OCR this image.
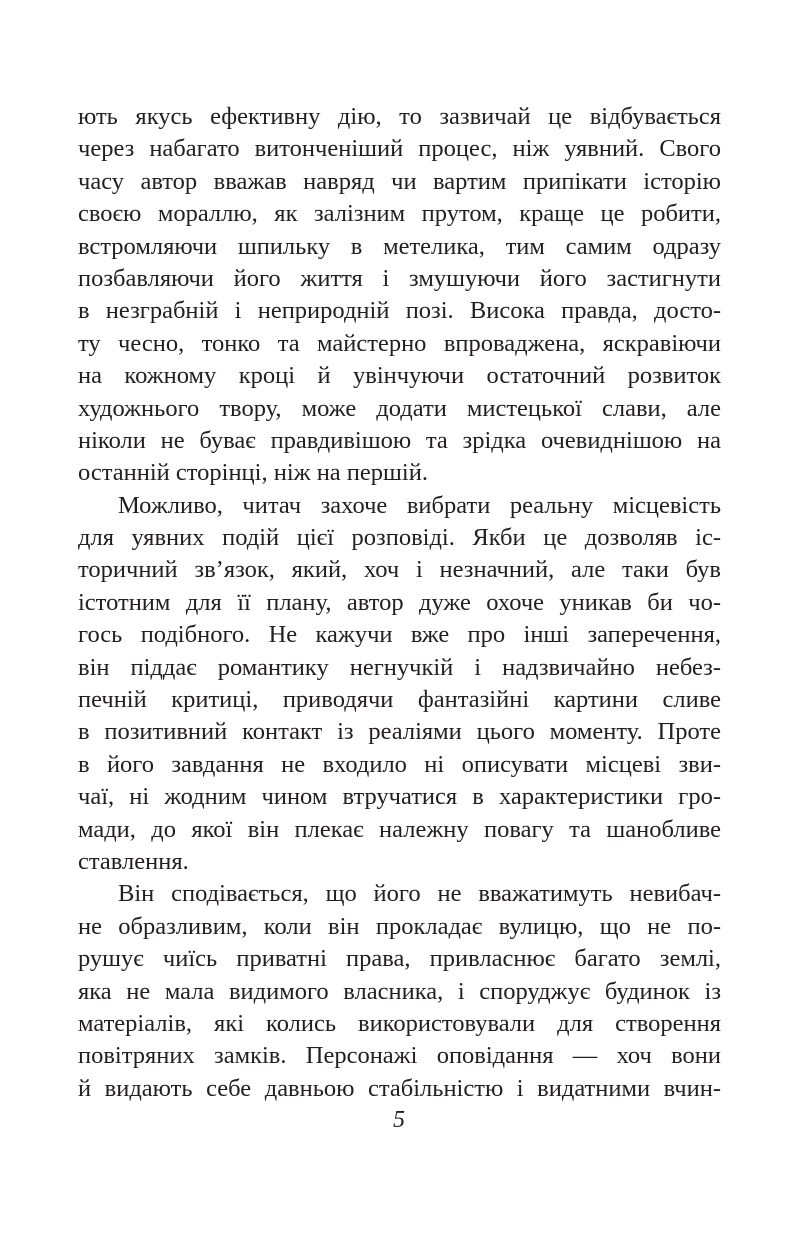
ють якусь ефективну дію, то зазвичай це відбувається
через набагато витонченіший процес, ніж уявний. Свого
часу автор вважав навряд чи вартим припікати історію
своєю мораллю, як залізним прутом, краще це робити,
встромляючи шпильку в метелика, тим самим одразу
позбавляючи його життя і змушуючи його застигнути
в незграбній і неприродній позі. Висока правда, досто-
ту чесно, тонко та майстерно впроваджена, яскравіючи
на кожному кроці й увінчуючи остаточний розвиток
художнього твору, може додати мистецької слави, але
ніколи не буває правдивішою та зрідка очевиднішою на
останній сторінці, ніж на першій.
Можливо, читач захоче вибрати реальну місцевість
для уявних подій цієї розповіді. Якби це дозволяв іс-
торичний зв’язок, який, хоч і незначний, але таки був
істотним для її плану, автор дуже охоче уникав би чо-
гось подібного. Не кажучи вже про інші заперечення,
він піддає романтику негнучкій і надзвичайно небез-
печній критиці, приводячи фантазійні картини сливе
в позитивний контакт із реаліями цього моменту. Проте
в його завдання не входило ні описувати місцеві зви-
чаї, ні жодним чином втручатися в характеристики гро-
мади, до якої він плекає належну повагу та шанобливе
ставлення.
Він сподівається, що його не вважатимуть невибач-
не образливим, коли він прокладає вулицю, що не по-
рушує чиїсь приватні права, привласнює багато землі,
яка не мала видимого власника, і споруджує будинок із
матеріалів, які колись використовували для створення
повітряних замків. Персонажі оповідання — хоч вони
й видають себе давньою стабільністю і видатними вчин-
5
